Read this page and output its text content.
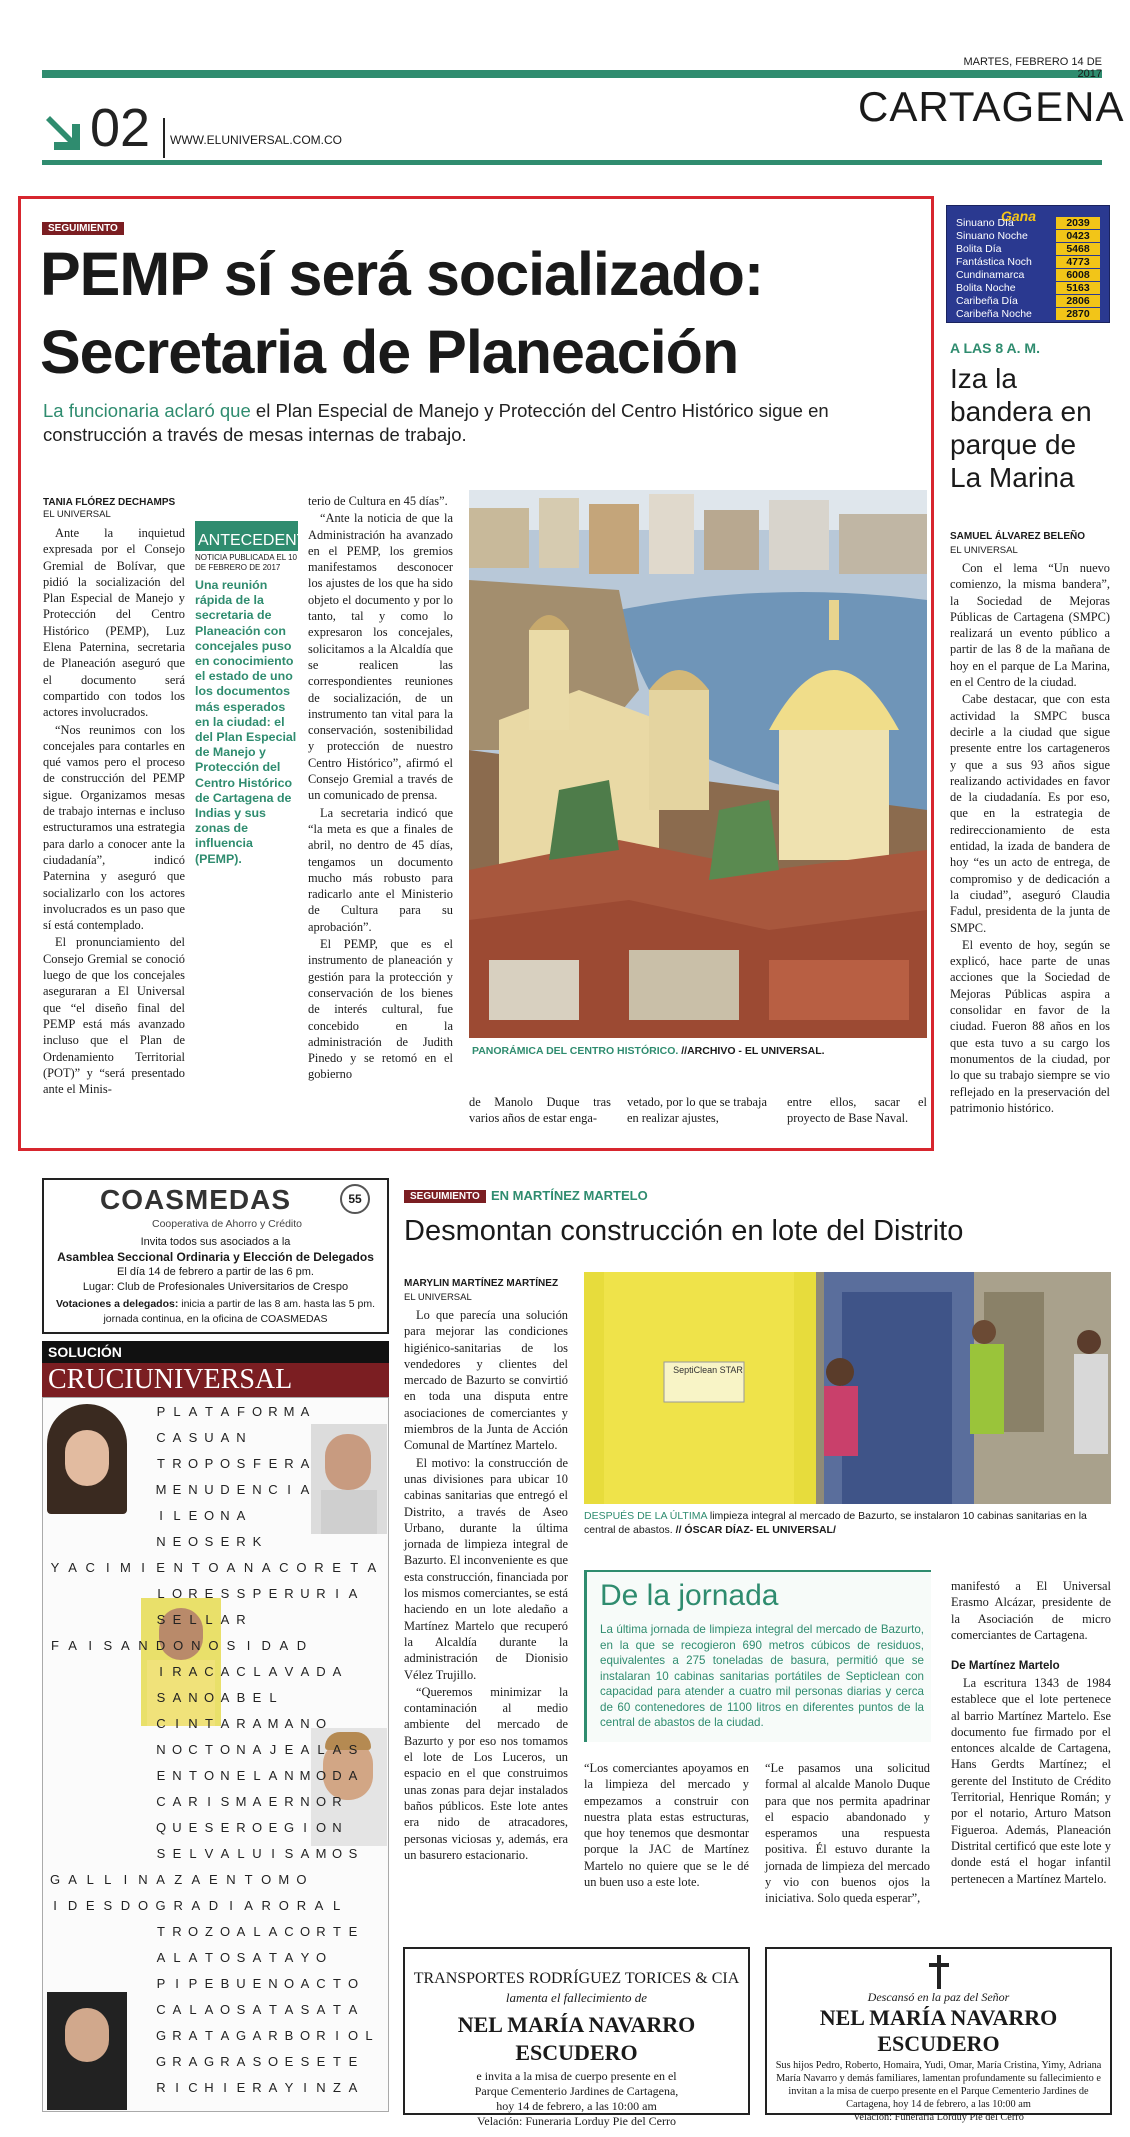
MARTES, FEBRERO 14 DE 2017
02 WWW.ELUNIVERSAL.COM.CO
CARTAGENA
SEGUIMIENTO
PEMP sí será socializado:
Secretaria de Planeación
La funcionaria aclaró que el Plan Especial de Manejo y Protección del Centro Histórico sigue en construcción a través de mesas internas de trabajo.
TANIA FLÓREZ DECHAMPS
EL UNIVERSAL

Ante la inquietud expresada por el Consejo Gremial de Bolívar, que pidió la socialización del Plan Especial de Manejo y Protección del Centro Histórico (PEMP), Luz Elena Paternina, secretaria de Planeación aseguró que el documento será compartido con todos los actores involucrados.

“Nos reunimos con los concejales para contarles en qué vamos pero el proceso de construcción del PEMP sigue. Organizamos mesas de trabajo internas e incluso estructuramos una estrategia para darlo a conocer ante la ciudadanía”, indicó Paternina y aseguró que socializarlo con los actores involucrados es un paso que sí está contemplado.

El pronunciamiento del Consejo Gremial se conoció luego de que los concejales aseguraran a El Universal que “el diseño final del PEMP está más avanzado incluso que el Plan de Ordenamiento Territorial (POT)” y “será presentado ante el Minis-

ANTECEDENTE
NOTICIA PUBLICADA EL 10 DE FEBRERO DE 2017
Una reunión rápida de la secretaria de Planeación con concejales puso en conocimiento el estado de uno los documentos más esperados en la ciudad: el del Plan Especial de Manejo y Protección del Centro Histórico de Cartagena de Indias y sus zonas de influencia (PEMP).

terio de Cultura en 45 días”.

“Ante la noticia de que la Administración ha avanzado en el PEMP, los gremios manifestamos desconocer los ajustes de los que ha sido objeto el documento y por lo tanto, tal y como lo expresaron los concejales, solicitamos a la Alcaldía que se realicen las correspondientes reuniones de socialización, de un instrumento tan vital para la conservación, sostenibilidad y protección de nuestro Centro Histórico”, afirmó el Consejo Gremial a través de un comunicado de prensa.

La secretaria indicó que “la meta es que a finales de abril, no dentro de 45 días, tengamos un documento mucho más robusto para radicarlo ante el Ministerio de Cultura para su aprobación”.

El PEMP, que es el instrumento de planeación y gestión para la protección y conservación de los bienes de interés cultural, fue concebido en la administración de Judith Pinedo y se retomó en el gobierno

PANORÁMICA DEL CENTRO HISTÓRICO. //ARCHIVO - EL UNIVERSAL.
de Manolo Duque tras varios años de estar enga-
vetado, por lo que se trabaja en realizar ajustes,
entre ellos, sacar el proyecto de Base Naval.
Gana
Sinuano Día	2039
Sinuano Noche	0423
Bolita Día	5468
Fantástica Noch	4773
Cundinamarca	6008
Bolita Noche	5163
Caribeña Día	2806
Caribeña Noche	2870
A LAS 8 A. M.
Iza la bandera en parque de La Marina
SAMUEL ÁLVAREZ BELEÑO
EL UNIVERSAL

Con el lema “Un nuevo comienzo, la misma bandera”, la Sociedad de Mejoras Públicas de Cartagena (SMPC) realizará un evento público a partir de las 8 de la mañana de hoy en el parque de La Marina, en el Centro de la ciudad.

Cabe destacar, que con esta actividad la SMPC busca decirle a la ciudad que sigue presente entre los cartageneros y que a sus 93 años sigue realizando actividades en favor de la ciudadanía. Es por eso, que en la estrategia de redireccionamiento de esta entidad, la izada de bandera de hoy “es un acto de entrega, de compromiso y de dedicación a la ciudad”, aseguró Claudia Fadul, presidenta de la junta de SMPC.

El evento de hoy, según se explicó, hace parte de unas acciones que la Sociedad de Mejoras Públicas aspira a consolidar en favor de la ciudad. Fueron 88 años en los que esta tuvo a su cargo los monumentos de la ciudad, por lo que su trabajo siempre se vio reflejado en la preservación del patrimonio histórico.

COASMEDAS	55
Cooperativa de Ahorro y Crédito
Invita todos sus asociados a la
Asamblea Seccional Ordinaria y Elección de Delegados
El día 14 de febrero a partir de las 6 pm.
Lugar: Club de Profesionales Universitarios de Crespo
Votaciones a delegados: inicia a partir de las 8 am. hasta las 5 pm.
jornada continua, en la oficina de COASMEDAS
SOLUCIÓN
CRUCIUNIVERSAL
P L A T A F O R M A
C A S U A N
T R O P O S F E R A
M E N U D E N C I A
I L E O N A
N E O S E R K
Y A C I M I E N T O A N A C O R E T A
L O R E S S P E R U R I A
S E L L A R
F A I S A N D O N O S I D A D
I R A C A C L A V A D A
S A N O A B E L
C I N T A R A M A N O
N O C T O N A J E A L A S
E N T O N E L A N M O D A
C A R I S M A E R N O R
Q U E S E R O E G I O N
S E L V A L U I S A M O S
G A L L I N A Z A E N T O M O
I D E S D O G R A D I A R O R A L
T R O Z O A L A C O R T E
A L A T O S A T A Y O
P I P E B U E N O A C T O
C A L A O S A T A S A T A
G R A T A G A R B O R I O L
G R A G R A S O E S E T E
R I C H I E R A Y I N Z A
SEGUIMIENTO EN MARTÍNEZ MARTELO
Desmontan construcción en lote del Distrito
MARYLIN MARTÍNEZ MARTÍNEZ
EL UNIVERSAL

Lo que parecía una solución para mejorar las condiciones higiénico-sanitarias de los vendedores y clientes del mercado de Bazurto se convirtió en toda una disputa entre asociaciones de comerciantes y miembros de la Junta de Acción Comunal de Martínez Martelo.

El motivo: la construcción de unas divisiones para ubicar 10 cabinas sanitarias que entregó el Distrito, a través de Aseo Urbano, durante la última jornada de limpieza integral de Bazurto. El inconveniente es que esta construcción, financiada por los mismos comerciantes, se está haciendo en un lote aledaño a Martínez Martelo que recuperó la Alcaldía durante la administración de Dionisio Vélez Trujillo.

“Queremos minimizar la contaminación al medio ambiente del mercado de Bazurto y por eso nos tomamos el lote de Los Luceros, un espacio en el que construimos unas zonas para dejar instalados baños públicos. Este lote antes era nido de atracadores, personas viciosas y, además, era un basurero estacionario.

SeptiClean STAR
DESPUÉS DE LA ÚLTIMA limpieza integral al mercado de Bazurto, se instalaron 10 cabinas sanitarias en la central de abastos. // ÓSCAR DÍAZ- EL UNIVERSAL/
De la jornada
La última jornada de limpieza integral del mercado de Bazurto, en la que se recogieron 690 metros cúbicos de residuos, equivalentes a 275 toneladas de basura, permitió que se instalaran 10 cabinas sanitarias portátiles de Septiclean con capacidad para atender a cuatro mil personas diarias y cerca de 60 contenedores de 1100 litros en diferentes puntos de la central de abastos de la ciudad.
“Los comerciantes apoyamos en la limpieza del mercado y empezamos a construir con nuestra plata estas estructuras, que hoy tenemos que desmontar porque la JAC de Martínez Martelo no quiere que se le dé un buen uso a este lote.
“Le pasamos una solicitud formal al alcalde Manolo Duque para que nos permita apadrinar el espacio abandonado y esperamos una respuesta positiva. Él estuvo durante la jornada de limpieza del mercado y vio con buenos ojos la iniciativa. Solo queda esperar”,

manifestó a El Universal Erasmo Alcázar, presidente de la Asociación de micro comerciantes de Cartagena.

De Martínez Martelo

La escritura 1343 de 1984 establece que el lote pertenece al barrio Martínez Martelo. Ese documento fue firmado por el entonces alcalde de Cartagena, Hans Gerdts Martínez; el gerente del Instituto de Crédito Territorial, Henrique Román; y por el notario, Arturo Matson Figueroa. Además, Planeación Distrital certificó que este lote y donde está el hogar infantil pertenecen a Martínez Martelo.

TRANSPORTES RODRÍGUEZ TORICES & CIA
lamenta el fallecimiento de
NEL MARÍA NAVARRO ESCUDERO
e invita a la misa de cuerpo presente en el
Parque Cementerio Jardines de Cartagena,
hoy 14 de febrero, a las 10:00 am
Velación: Funeraria Lorduy Pie del Cerro
Descansó en la paz del Señor
NEL MARÍA NAVARRO ESCUDERO
Sus hijos Pedro, Roberto, Homaira, Yudi, Omar, María Cristina, Yimy, Adriana María Navarro y demás familiares, lamentan profundamente su fallecimiento e invitan a la misa de cuerpo presente en el Parque Cementerio Jardines de Cartagena, hoy 14 de febrero, a las 10:00 am
Velación: Funeraria Lorduy Pie del Cerro
